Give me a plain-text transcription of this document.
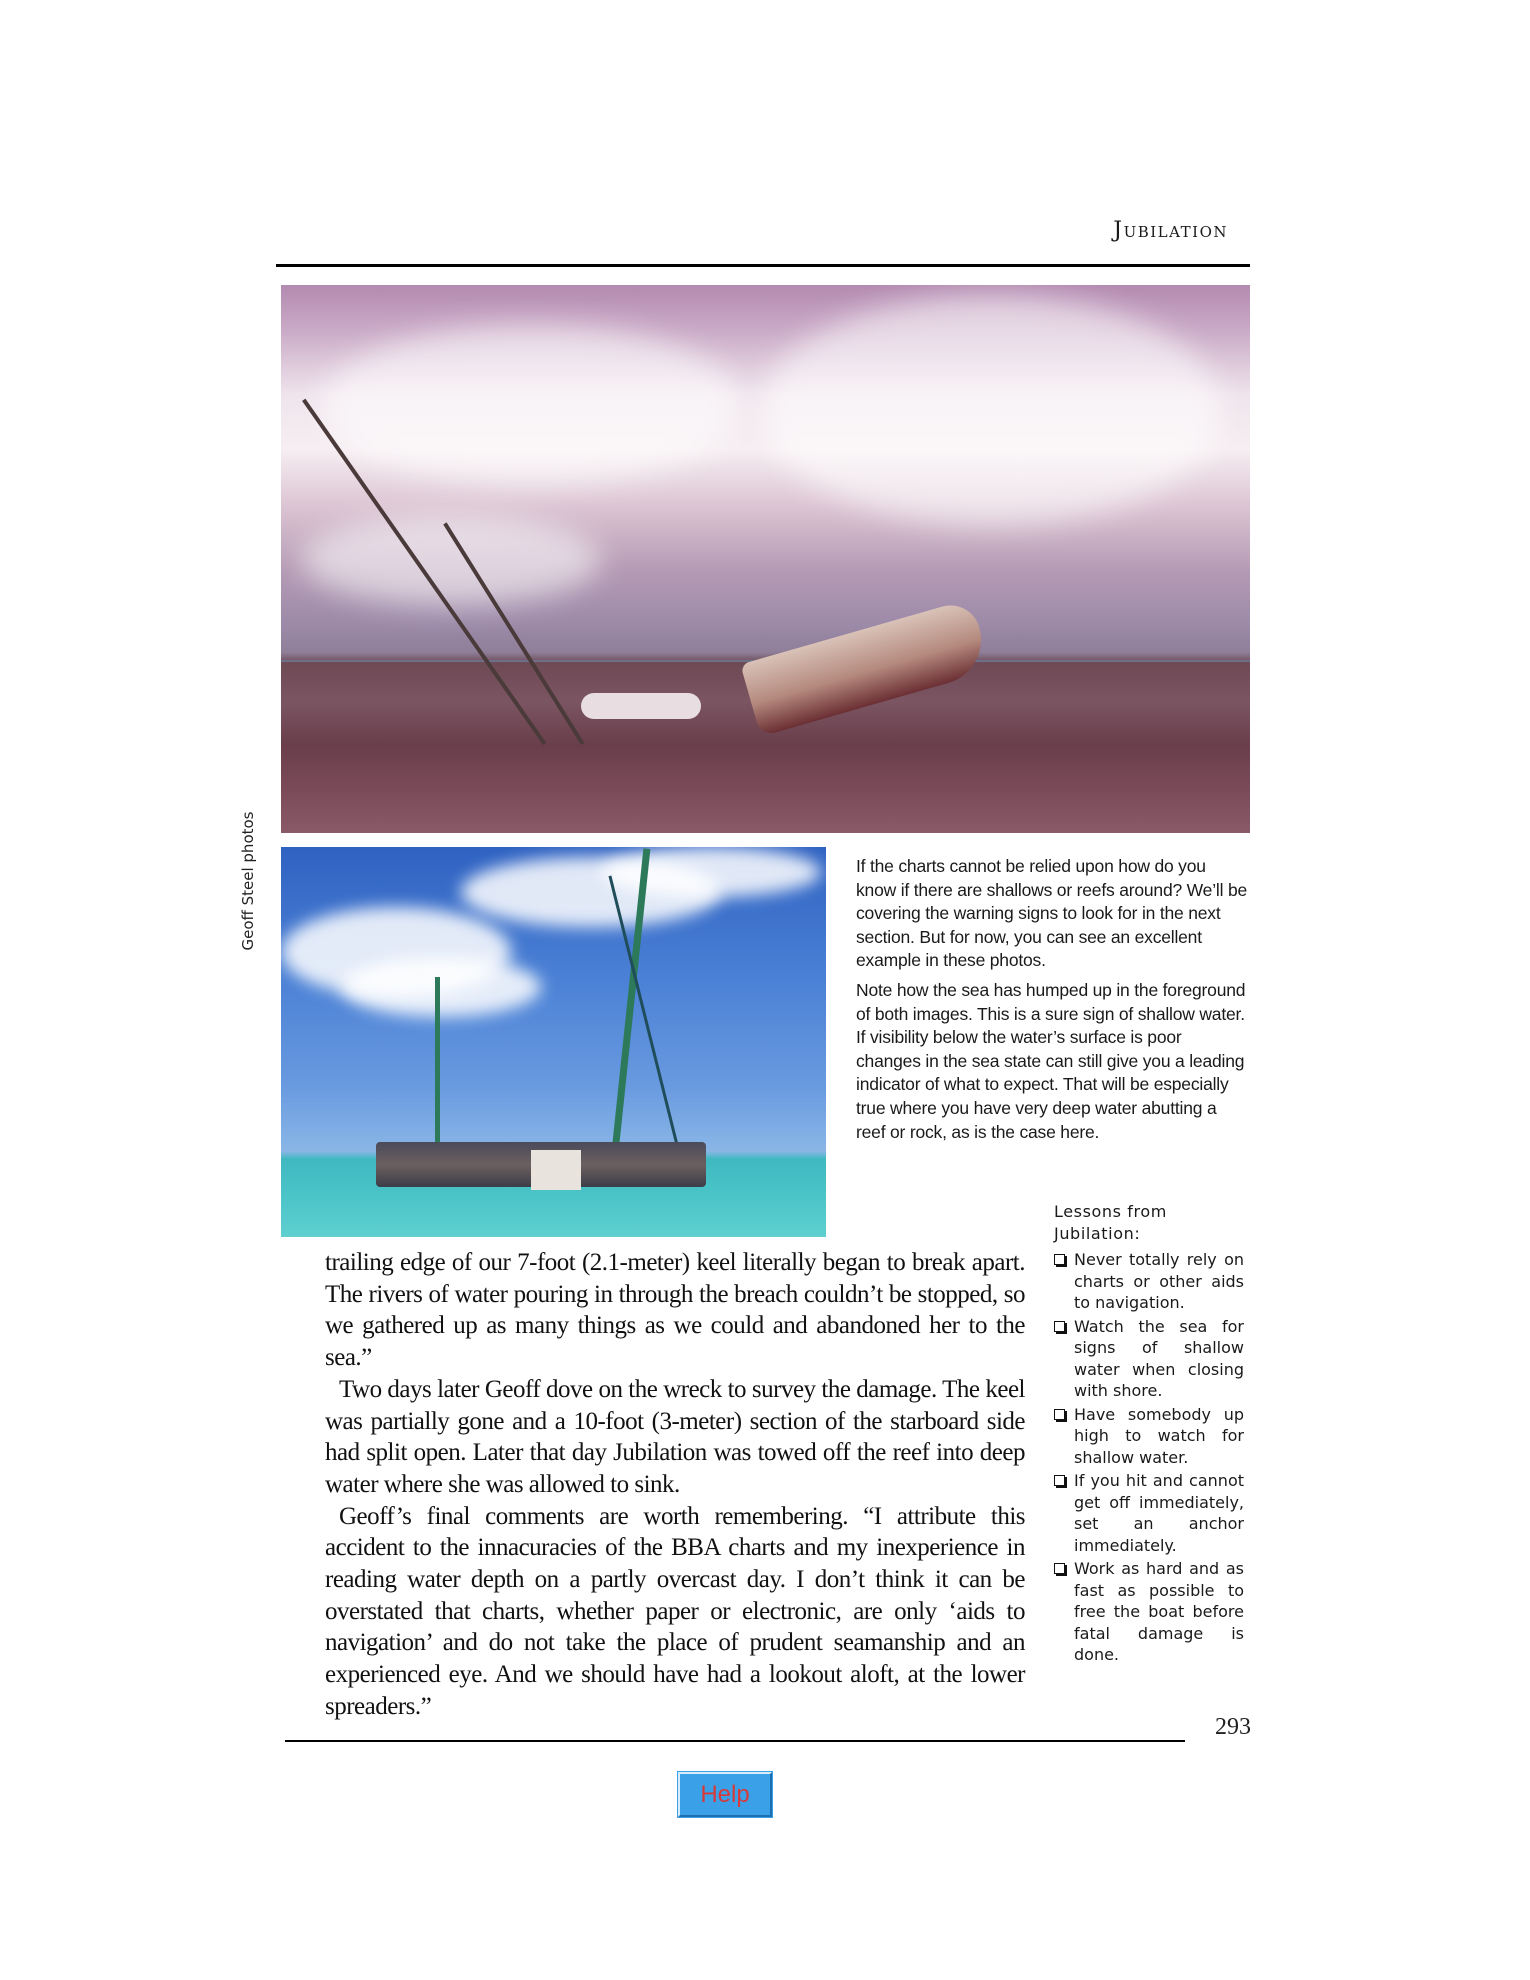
Jubilation
Geoff Steel photos	If the charts cannot be relied upon how do you know if there are shallows or reefs around? We’ll be covering the warning signs to look for in the next section. But for now, you can see an excellent example in these photos.

Note how the sea has humped up in the foreground of both images. This is a sure sign of shallow water. If visibility below the water’s surface is poor changes in the sea state can still give you a leading indicator of what to expect. That will be especially true where you have very deep water abutting a reef or rock, as is the case here.

Lessons from Jubilation:

Never totally rely on charts or other aids to navigation.
Watch the sea for signs of shallow water when closing with shore.
Have somebody up high to watch for shallow water.
If you hit and cannot get off immediately, set an anchor immediately.
Work as hard and as fast as possible to free the boat before fatal damage is done.

trailing edge of our 7-foot (2.1-meter) keel literally began to break apart. The rivers of water pouring in through the breach couldn’t be stopped, so we gathered up as many things as we could and abandoned her to the sea.”

Two days later Geoff dove on the wreck to survey the damage. The keel was partially gone and a 10-foot (3-meter) section of the starboard side had split open. Later that day Jubilation was towed off the reef into deep water where she was allowed to sink.

Geoff’s final comments are worth remembering. “I attribute this accident to the innacuracies of the BBA charts and my inexperience in reading water depth on a partly overcast day. I don’t think it can be overstated that charts, whether paper or electronic, are only ‘aids to navigation’ and do not take the place of prudent seamanship and an experienced eye. And we should have had a lookout aloft, at the lower spreaders.”

293
Help
